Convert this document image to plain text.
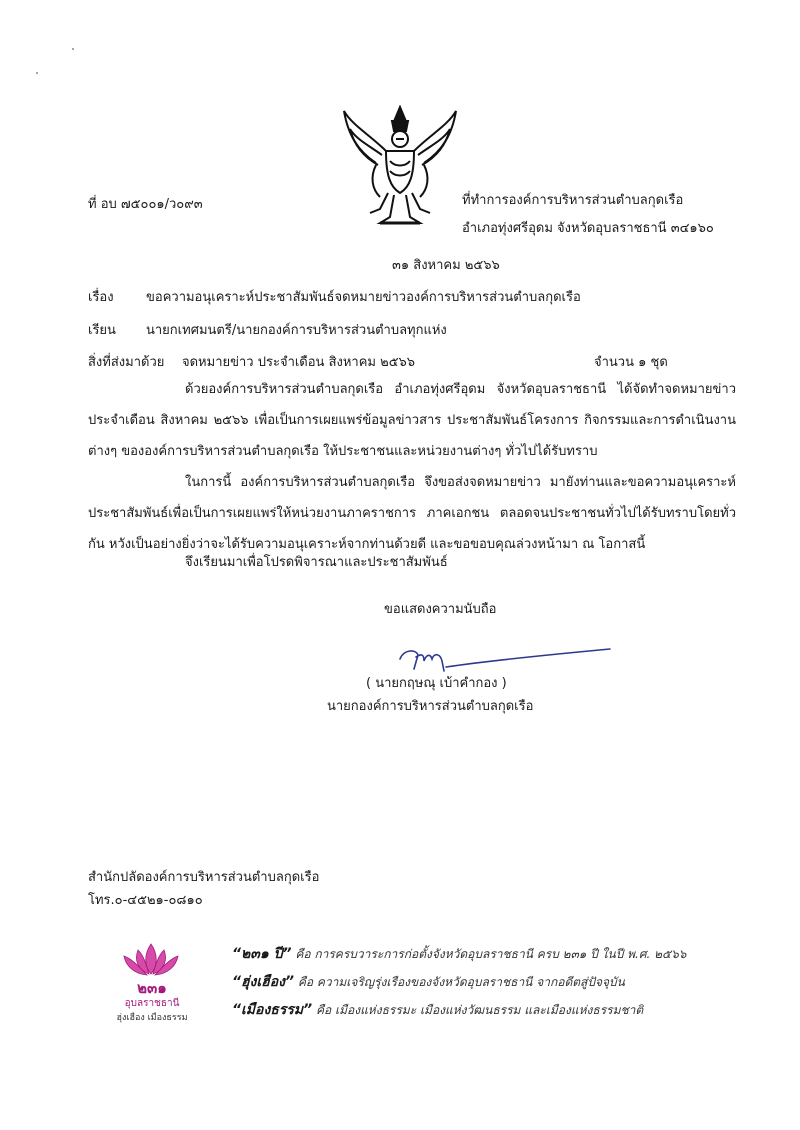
ที่ อบ ๗๕๐๐๑/ว๐๙๓	ที่ทำการองค์การบริหารส่วนตำบลกุดเรือ
อำเภอทุ่งศรีอุดม จังหวัดอุบลราชธานี ๓๔๑๖๐
๓๑ สิงหาคม ๒๕๖๖
เรื่อง ขอความอนุเคราะห์ประชาสัมพันธ์จดหมายข่าวองค์การบริหารส่วนตำบลกุดเรือ
เรียน นายกเทศมนตรี/นายกองค์การบริหารส่วนตำบลทุกแห่ง
สิ่งที่ส่งมาด้วย จดหมายข่าว ประจำเดือน สิงหาคม ๒๕๖๖	จำนวน ๑ ชุด
ด้วยองค์การบริหารส่วนตำบลกุดเรือ อำเภอทุ่งศรีอุดม จังหวัดอุบลราชธานี ได้จัดทำจดหมายข่าว ประจำเดือน สิงหาคม ๒๕๖๖ เพื่อเป็นการเผยแพร่ข้อมูลข่าวสาร ประชาสัมพันธ์โครงการ กิจกรรมและการดำเนินงานต่างๆ ขององค์การบริหารส่วนตำบลกุดเรือ ให้ประชาชนและหน่วยงานต่างๆ ทั่วไปได้รับทราบ
ในการนี้ องค์การบริหารส่วนตำบลกุดเรือ จึงขอส่งจดหมายข่าว มายังท่านและขอความอนุเคราะห์ประชาสัมพันธ์เพื่อเป็นการเผยแพร่ให้หน่วยงานภาคราชการ ภาคเอกชน ตลอดจนประชาชนทั่วไปได้รับทราบโดยทั่วกัน หวังเป็นอย่างยิ่งว่าจะได้รับความอนุเคราะห์จากท่านด้วยดี และขอขอบคุณล่วงหน้ามา ณ โอกาสนี้
จึงเรียนมาเพื่อโปรดพิจารณาและประชาสัมพันธ์
ขอแสดงความนับถือ
( นายกฤษณุ เบ้าคำกอง )
นายกองค์การบริหารส่วนตำบลกุดเรือ
สำนักปลัดองค์การบริหารส่วนตำบลกุดเรือ
โทร.๐-๔๕๒๑-๐๘๑๐
๒๓๑
อุบลราชธานี
ฮุ่งเฮือง เมืองธรรม
“๒๓๑ ปี” คือ การครบวาระการก่อตั้งจังหวัดอุบลราชธานี ครบ ๒๓๑ ปี ในปี พ.ศ. ๒๕๖๖
“ฮุ่งเฮือง” คือ ความเจริญรุ่งเรืองของจังหวัดอุบลราชธานี จากอดีตสู่ปัจจุบัน
“เมืองธรรม” คือ เมืองแห่งธรรมะ เมืองแห่งวัฒนธรรม และเมืองแห่งธรรมชาติ
